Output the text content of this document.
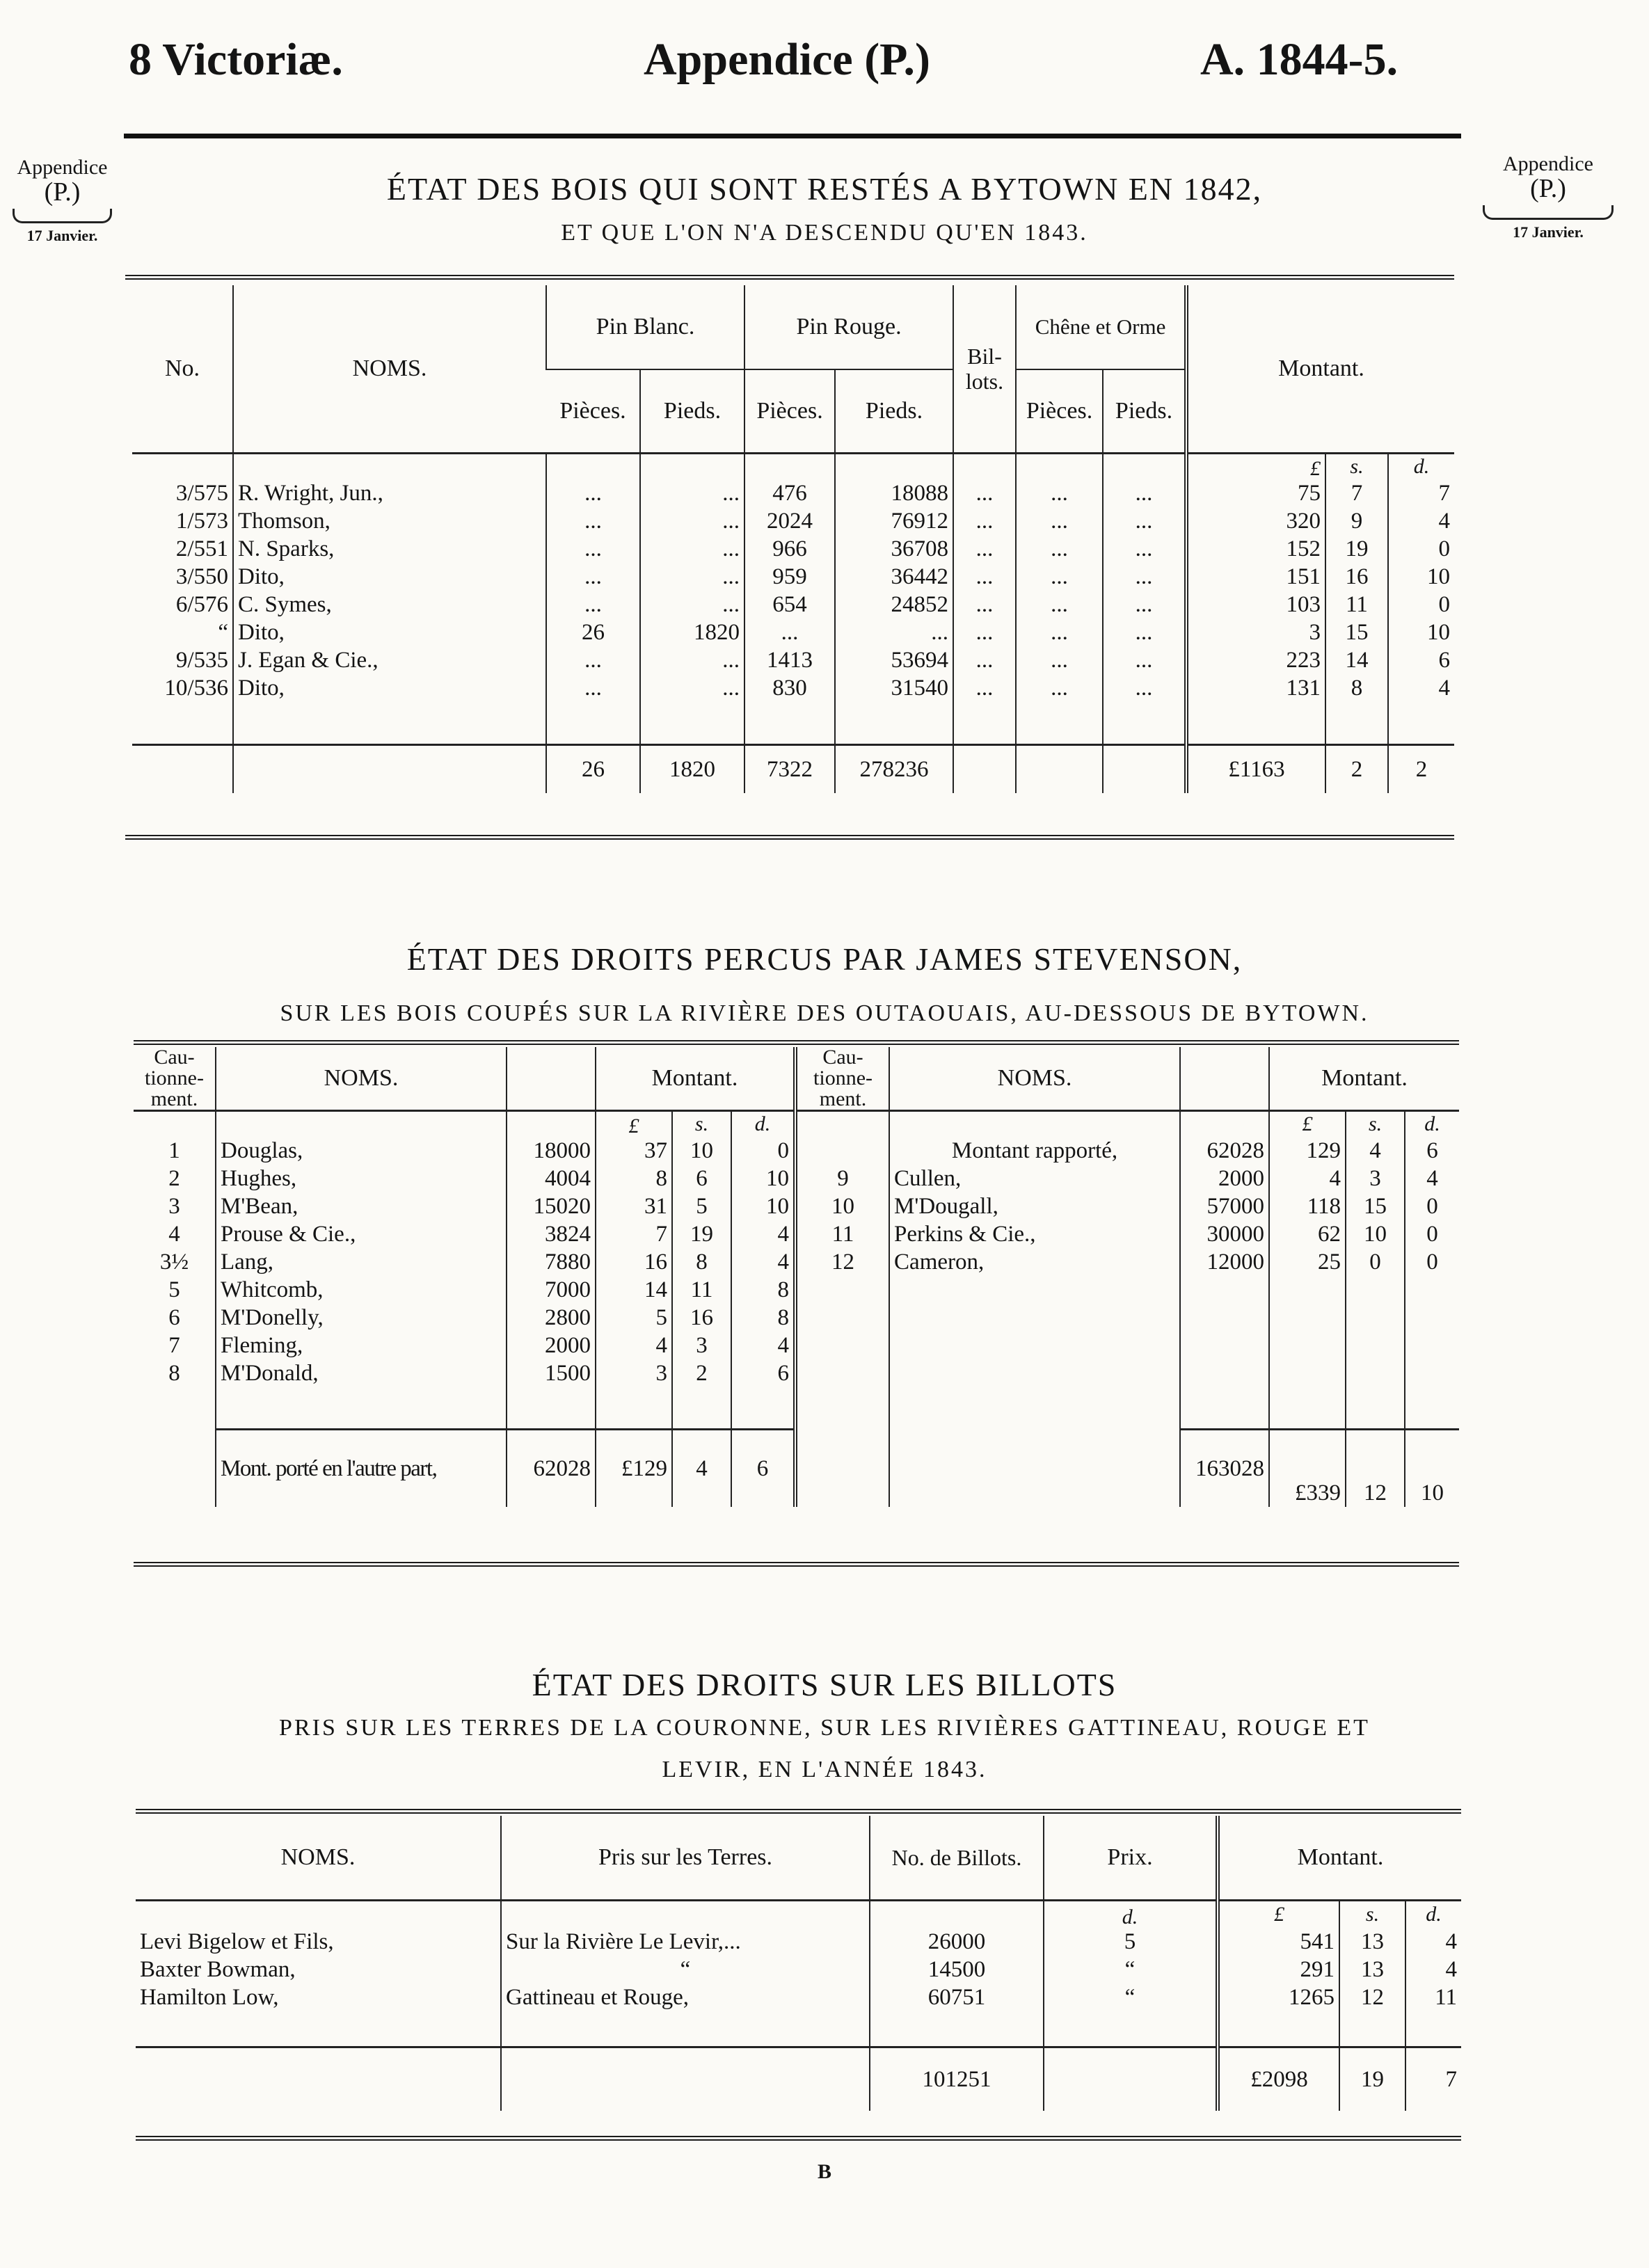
8 Victoriæ.	Appendice (P.)	A. 1844-5.
Appendice
(P.)
17 Janvier.
Appendice
(P.)
17 Janvier.
ÉTAT DES BOIS QUI SONT RESTÉS A BYTOWN EN 1842,
ET QUE L'ON N'A DESCENDU QU'EN 1843.
No.	NOMS.	Pin Blanc.		Pin Rouge.		Bil-lots.	Chêne et Orme		Montant.		
		Pièces.	Pieds.	Pièces.	Pieds.		Pièces.	Pieds.			
									£	s.	d.
3/575	R. Wright, Jun.,	...	...	476	18088	...	...	...	75	7	7
1/573	Thomson,	...	...	2024	76912	...	...	...	320	9	4
2/551	N. Sparks,	...	...	966	36708	...	...	...	152	19	0
3/550	Dito,	...	...	959	36442	...	...	...	151	16	10
6/576	C. Symes,	...	...	654	24852	...	...	...	103	11	0
“	Dito,	26	1820	...	...	...	...	...	3	15	10
9/535	J. Egan & Cie.,	...	...	1413	53694	...	...	...	223	14	6
10/536	Dito,	...	...	830	31540	...	...	...	131	8	4

		26	1820	7322	278236				£1163	2	2
ÉTAT DES DROITS PERCUS PAR JAMES STEVENSON,
SUR LES BOIS COUPÉS SUR LA RIVIÈRE DES OUTAOUAIS, AU-DESSOUS DE BYTOWN.
Cau-tionne-ment.	NOMS.		Montant.			Cau-tionne-ment.	NOMS.		Montant.		
			£	s.	d.				£	s.	d.
1	Douglas,	18000	37	10	0		Montant rapporté,	62028	129	4	6
2	Hughes,	4004	8	6	10	9	Cullen,	2000	4	3	4
3	M'Bean,	15020	31	5	10	10	M'Dougall,	57000	118	15	0
4	Prouse & Cie.,	3824	7	19	4	11	Perkins & Cie.,	30000	62	10	0
3½	Lang,	7880	16	8	4	12	Cameron,	12000	25	0	0
5	Whitcomb,	7000	14	11	8						
6	M'Donelly,	2800	5	16	8						
7	Fleming,	2000	4	3	4						
8	M'Donald,	1500	3	2	6						

	Mont. porté en l'autre part,	62028	£129	4	6			163028	£339	12	10
ÉTAT DES DROITS SUR LES BILLOTS
PRIS SUR LES TERRES DE LA COURONNE, SUR LES RIVIÈRES GATTINEAU, ROUGE ET
LEVIR, EN L'ANNÉE 1843.
NOMS.	Pris sur les Terres.	No. de Billots.	Prix.	Montant.		
			d.	£	s.	d.
Levi Bigelow et Fils,	Sur la Rivière Le Levir,...	26000	5	541	13	4
Baxter Bowman,	“	14500	“	291	13	4
Hamilton Low,	Gattineau et Rouge,	60751	“	1265	12	11

		101251		£2098	19	7
B
